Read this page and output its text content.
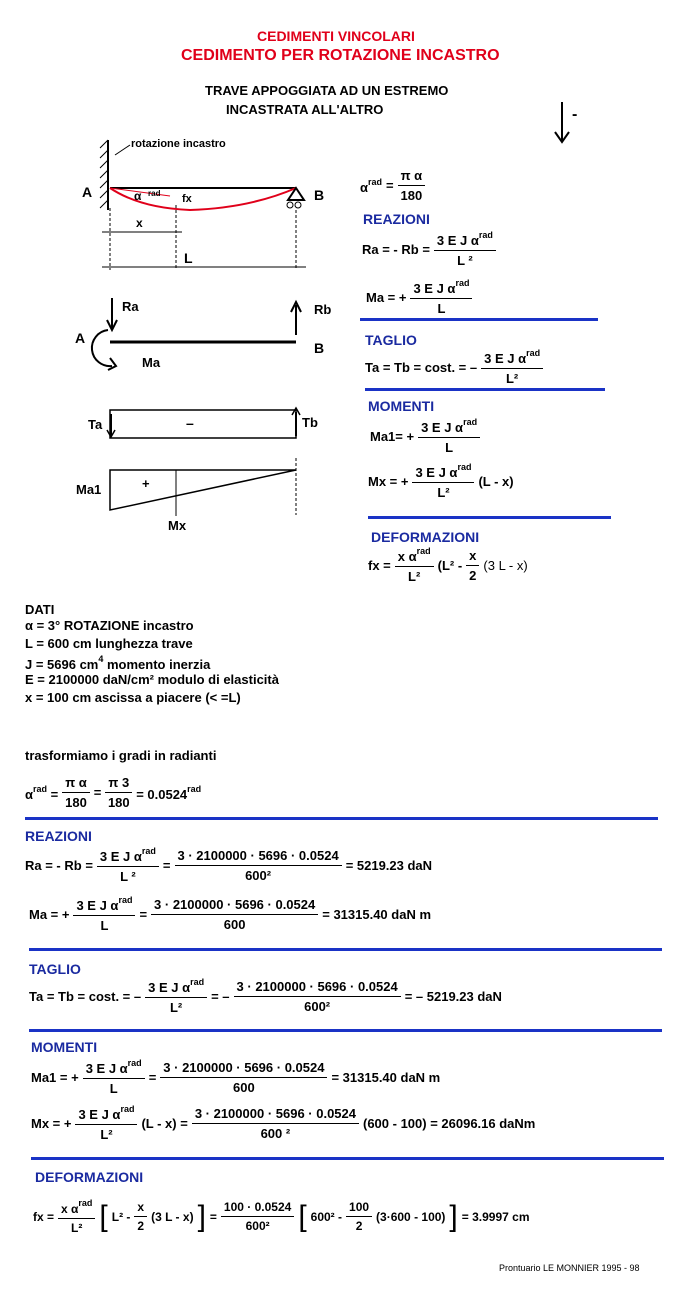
CEDIMENTI VINCOLARI
CEDIMENTO PER ROTAZIONE INCASTRO
TRAVE APPOGGIATA AD UN ESTREMO
INCASTRATA ALL'ALTRO	-
rotazione incastro
A	B
α rad fx
x
L
Ra	Rb
A
B
Ma
Ta	Tb
–
Ma1	+
Mx
$\alpha^{rad} = \frac{\text{π α}}{180}$
REAZIONI
Ra = - $Rb = \frac{3 E J \alpha^{rad}}{\text{L ²}}$
Ma = + $\frac{3 E J \alpha^{rad}}{L}$
TAGLIO
Ta = Tb = cost. = – $\frac{3 E J \alpha^{rad}}{\text{L²}}$
MOMENTI
$Ma1= + \frac{3 E J \alpha^{rad}}{L}$
Mx = + $\frac{3 E J \alpha^{rad}}{\text{L²}} (L - x)$
DEFORMAZIONI
fx = $\frac{x \alpha^{rad}}{\text{L²}} (L^2 - \frac{x}{2} (3$ L - x)
DATI
α = 3° ROTAZIONE incastro
L = 600 cm lunghezza trave
J = 5696 $cm^4$ momento inerzia
E = 2100000 daN/cm² modulo di elasticità
x = 100 cm ascissa a piacere (< =L)
trasformiamo i gradi in radianti
$\alpha^{rad} = \frac{\text{π α}}{180} = \frac{\pi 3}{180} = 0.0524^{rad}$
REAZIONI
Ra = - $Rb = \frac{3 E J \alpha^{rad}}{\text{L ²}} = \frac{3 \cdot 2100000 \cdot 5696 \cdot 0.0524}{\text{600²}} = 5219.23$ daN
Ma = + $\frac{3 E J \alpha^{rad}}{L} = \frac{3 \cdot 2100000 \cdot 5696 \cdot 0.0524}{600} = 31315.40$ daN m
TAGLIO
Ta = Tb = cost. = – $\frac{3 E J \alpha^{rad}}{\text{L²}}$ = – $\frac{3 \cdot 2100000 \cdot 5696 \cdot 0.0524}{\text{600²}}$ = – 5219.23 daN
MOMENTI
Ma1 = + $\frac{3 E J \alpha^{rad}}{L} = \frac{3 \cdot 2100000 \cdot 5696 \cdot 0.0524}{600} = 31315.40$ daN m
Mx = + $\frac{3 E J \alpha^{rad}}{\text{L²}} (L - x) = \frac{3 \cdot 2100000 \cdot 5696 \cdot 0.0524}{\text{600 ²}} (600 - 100) = 26096.16$ daNm
DEFORMAZIONI
fx = $\frac{x \alpha^{rad}}{\text{L²}}$ [ $L^2 - \frac{x}{2} (3$ L - x) ] = $\frac{100 \cdot 0.0524}{\text{600²}}$ [ $600^2 - \frac{100}{2} (3\cdot 600 - 100)$ ] = 3.9997 cm
Prontuario LE MONNIER 1995 - 98
